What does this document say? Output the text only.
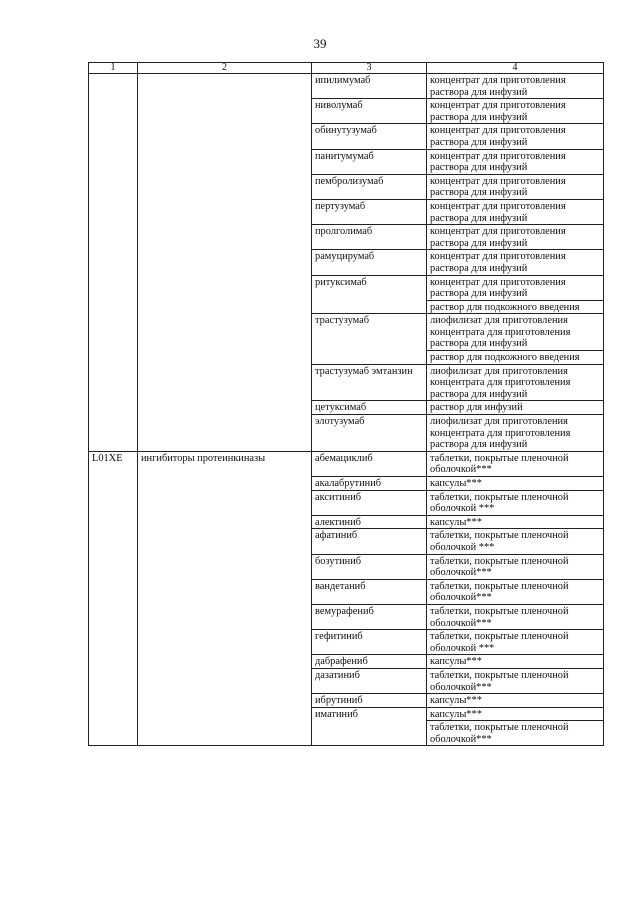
39
1	2	3	4
		ипилимумаб	концентрат для приготовления раствора для инфузий
		ниволумаб	концентрат для приготовления раствора для инфузий
		обинутузумаб	концентрат для приготовления раствора для инфузий
		панитумумаб	концентрат для приготовления раствора для инфузий
		пембролизумаб	концентрат для приготовления раствора для инфузий
		пертузумаб	концентрат для приготовления раствора для инфузий
		пролголимаб	концентрат для приготовления раствора для инфузий
		рамуцирумаб	концентрат для приготовления раствора для инфузий
		ритуксимаб	концентрат для приготовления раствора для инфузий
			раствор для подкожного введения
		трастузумаб	лиофилизат для приготовления концентрата для приготовления раствора для инфузий
			раствор для подкожного введения
		трастузумаб эмтанзин	лиофилизат для приготовления концентрата для приготовления раствора для инфузий
		цетуксимаб	раствор для инфузий
		элотузумаб	лиофилизат для приготовления концентрата для приготовления раствора для инфузий
L01XE	ингибиторы протеинкиназы	абемациклиб	таблетки, покрытые пленочной оболочкой***
		акалабрутиниб	капсулы***
		акситиниб	таблетки, покрытые пленочной оболочкой ***
		алектиниб	капсулы***
		афатиниб	таблетки, покрытые пленочной оболочкой ***
		бозутиниб	таблетки, покрытые пленочной оболочкой***
		вандетаниб	таблетки, покрытые пленочной оболочкой***
		вемурафениб	таблетки, покрытые пленочной оболочкой***
		гефитиниб	таблетки, покрытые пленочной оболочкой ***
		дабрафениб	капсулы***
		дазатиниб	таблетки, покрытые пленочной оболочкой***
		ибрутиниб	капсулы***
		иматиниб	капсулы***
			таблетки, покрытые пленочной оболочкой***
